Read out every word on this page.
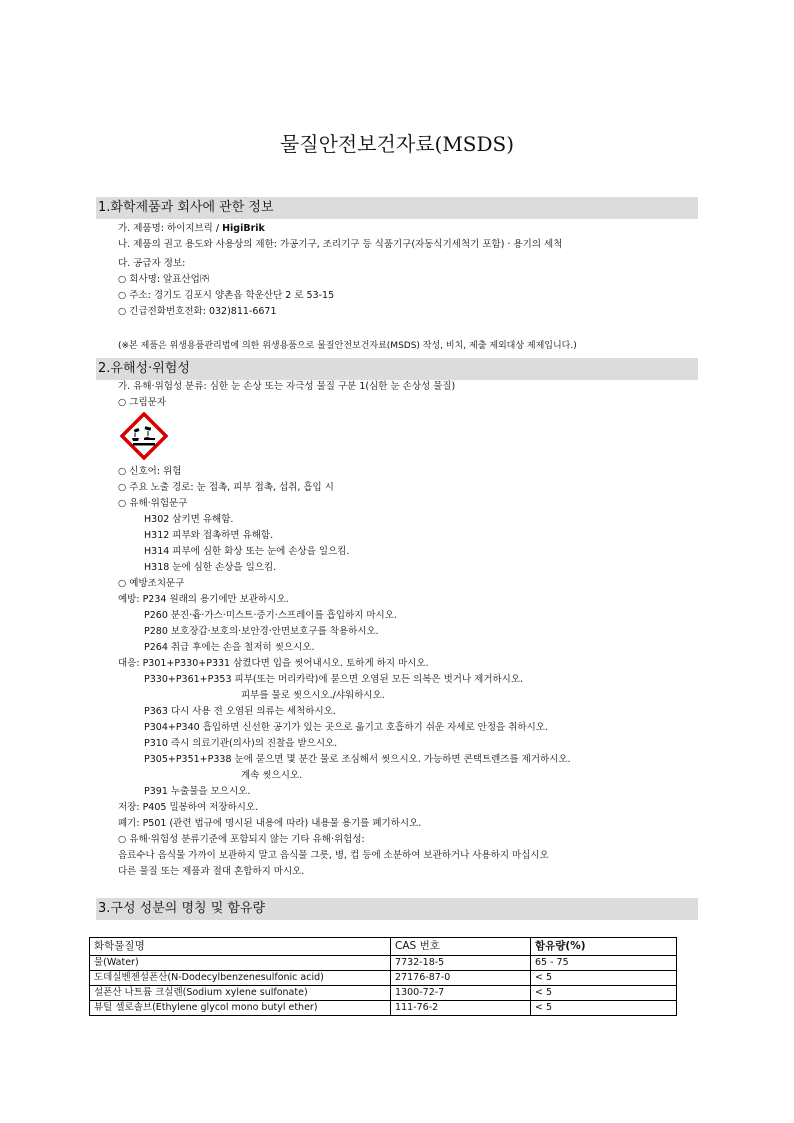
물질안전보건자료(MSDS)
1.화학제품과 회사에 관한 정보
가. 제품명: 하이지브릭 / HigiBrik
나. 제품의 권고 용도와 사용상의 제한: 가공기구, 조리기구 등 식품기구(자동식기세척기 포함) · 용기의 세척
다. 공급자 정보:
○ 회사명: 알표산업㈜
○ 주소: 경기도 김포시 양촌읍 학운산단 2 로 53-15
○ 긴급전화번호전화: 032)811-6671
(※본 제품은 위생용품관리법에 의한 위생용품으로 물질안전보건자료(MSDS) 작성, 비치, 제출 제외대상 제제입니다.)
2.유해성·위험성
가. 유해·위험성 분류: 심한 눈 손상 또는 자극성 물질 구분 1(심한 눈 손상성 물질)
○ 그림문자
○ 신호어: 위험
○ 주요 노출 경로: 눈 접촉, 피부 접촉, 섭취, 흡입 시
○ 유해·위험문구
H302 삼키면 유해함.
H312 피부와 접촉하면 유해함.
H314 피부에 심한 화상 또는 눈에 손상을 일으킴.
H318 눈에 심한 손상을 일으킴.
○ 예방조치문구
예방: P234 원래의 용기에만 보관하시오.
P260 분진·흄·가스·미스트·증기·스프레이를 흡입하지 마시오.
P280 보호장갑·보호의·보안경·안면보호구를 착용하시오.
P264 취급 후에는 손을 철저히 씻으시오.
대응: P301+P330+P331 삼켰다면 입을 씻어내시오. 토하게 하지 마시오.
P330+P361+P353 피부(또는 머리카락)에 묻으면 오염된 모든 의복은 벗거나 제거하시오.
피부를 물로 씻으시오./샤워하시오.
P363 다시 사용 전 오염된 의류는 세척하시오.
P304+P340 흡입하면 신선한 공기가 있는 곳으로 옮기고 호흡하기 쉬운 자세로 안정을 취하시오.
P310 즉시 의료기관(의사)의 진찰을 받으시오.
P305+P351+P338 눈에 묻으면 몇 분간 물로 조심해서 씻으시오. 가능하면 콘택트렌즈를 제거하시오.
계속 씻으시오.
P391 누출물을 모으시오.
저장: P405 밀봉하여 저장하시오.
폐기: P501 (관련 법규에 명시된 내용에 따라) 내용물 용기를 폐기하시오.
○ 유해·위험성 분류기준에 포함되지 않는 기타 유해·위험성:
음료수나 음식물 가까이 보관하지 말고 음식물 그릇, 병, 컵 등에 소분하여 보관하거나 사용하지 마십시오
다른 물질 또는 제품과 절대 혼합하지 마시오.
3.구성 성분의 명칭 및 함유량
화학물질명	CAS 번호	함유량(%)
물(Water)	7732-18-5	65 - 75
도데실벤젠설폰산(N-Dodecylbenzenesulfonic acid)	27176-87-0	< 5
설폰산 나트륨 크실렌(Sodium xylene sulfonate)	1300-72-7	< 5
뷰틸 셀로솔브(Ethylene glycol mono butyl ether)	111-76-2	< 5
